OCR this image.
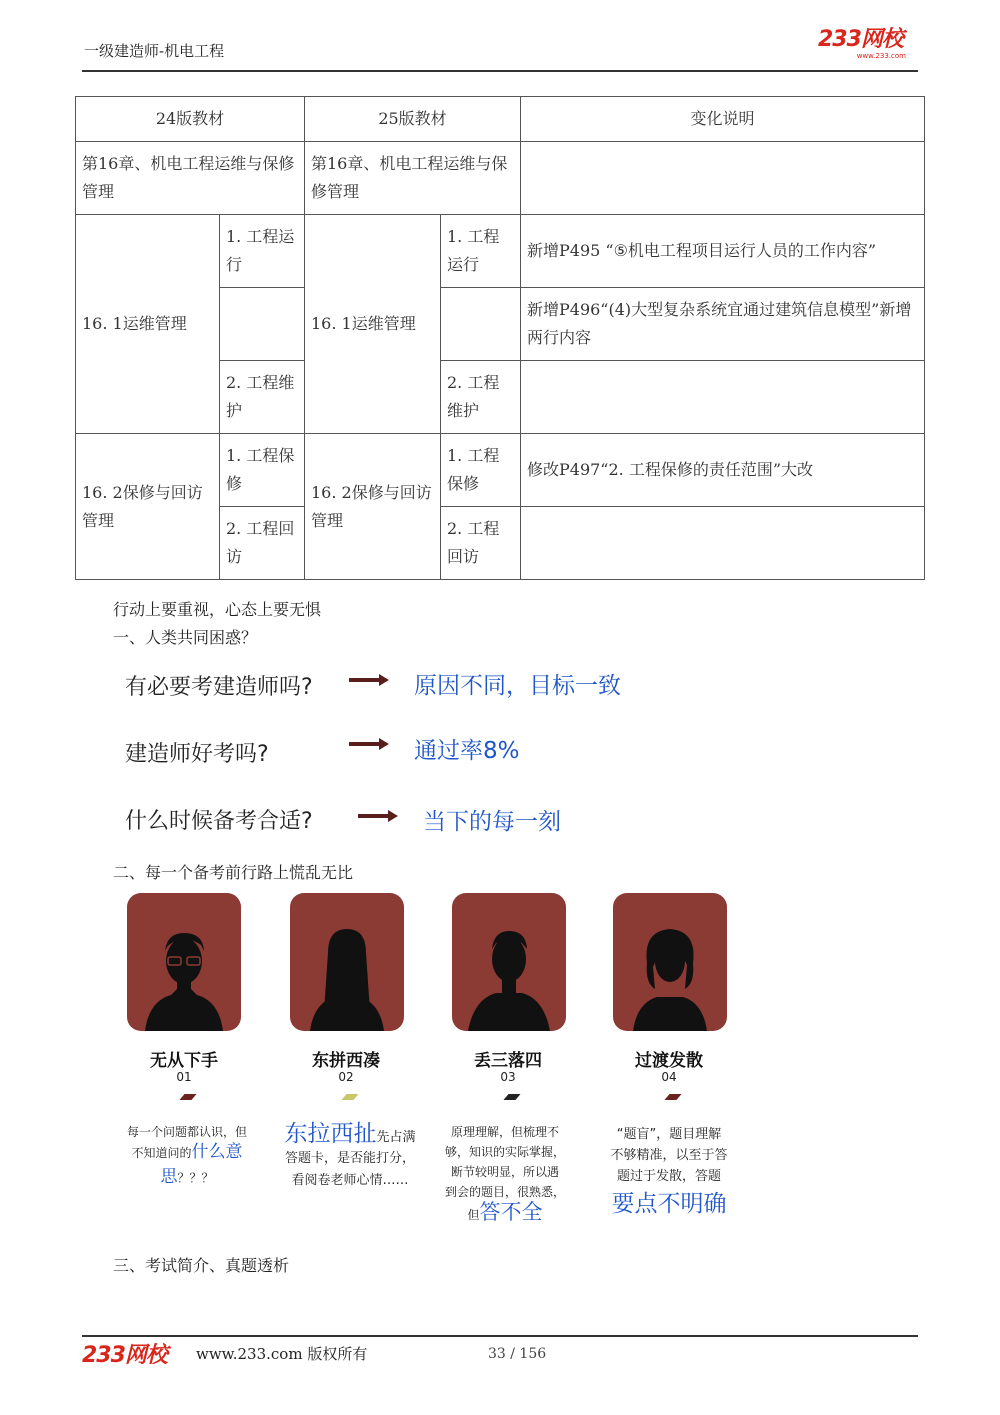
一级建造师-机电工程	233网校
www.233.com
24版教材		25版教材		变化说明
第16章、机电工程运维与保修管理		第16章、机电工程运维与保修管理		
16. 1运维管理	1. 工程运行	16. 1运维管理	1. 工程运行	新增P495 “⑤机电工程项目运行人员的工作内容”
				新增P496“(4)大型复杂系统宜通过建筑信息模型”新增两行内容
	2. 工程维护		2. 工程维护	
16. 2保修与回访管理	1. 工程保修	16. 2保修与回访管理	1. 工程保修	修改P497“2. 工程保修的责任范围”大改
	2. 工程回访		2. 工程回访	
行动上要重视，心态上要无惧
一、人类共同困惑？
有必要考建造师吗?	原因不同，目标一致
建造师好考吗?	通过率8%
什么时候备考合适?	当下的每一刻
二、每一个备考前行路上慌乱无比
无从下手
01
东拼西凑
02
丢三落四
03
过渡发散
04
每一个问题都认识，但
不知道问的什么意
思？？？
东拉西扯先占满
答题卡，是否能打分，
看阅卷老师心情……
原理理解，但梳理不
够，知识的实际掌握，
断节较明显，所以遇
到会的题目，很熟悉，
但答不全
“题盲”，题目理解
不够精准，以至于答
题过于发散，答题
要点不明确
三、考试简介、真题透析
233网校 www.233.com 版权所有	33 / 156
